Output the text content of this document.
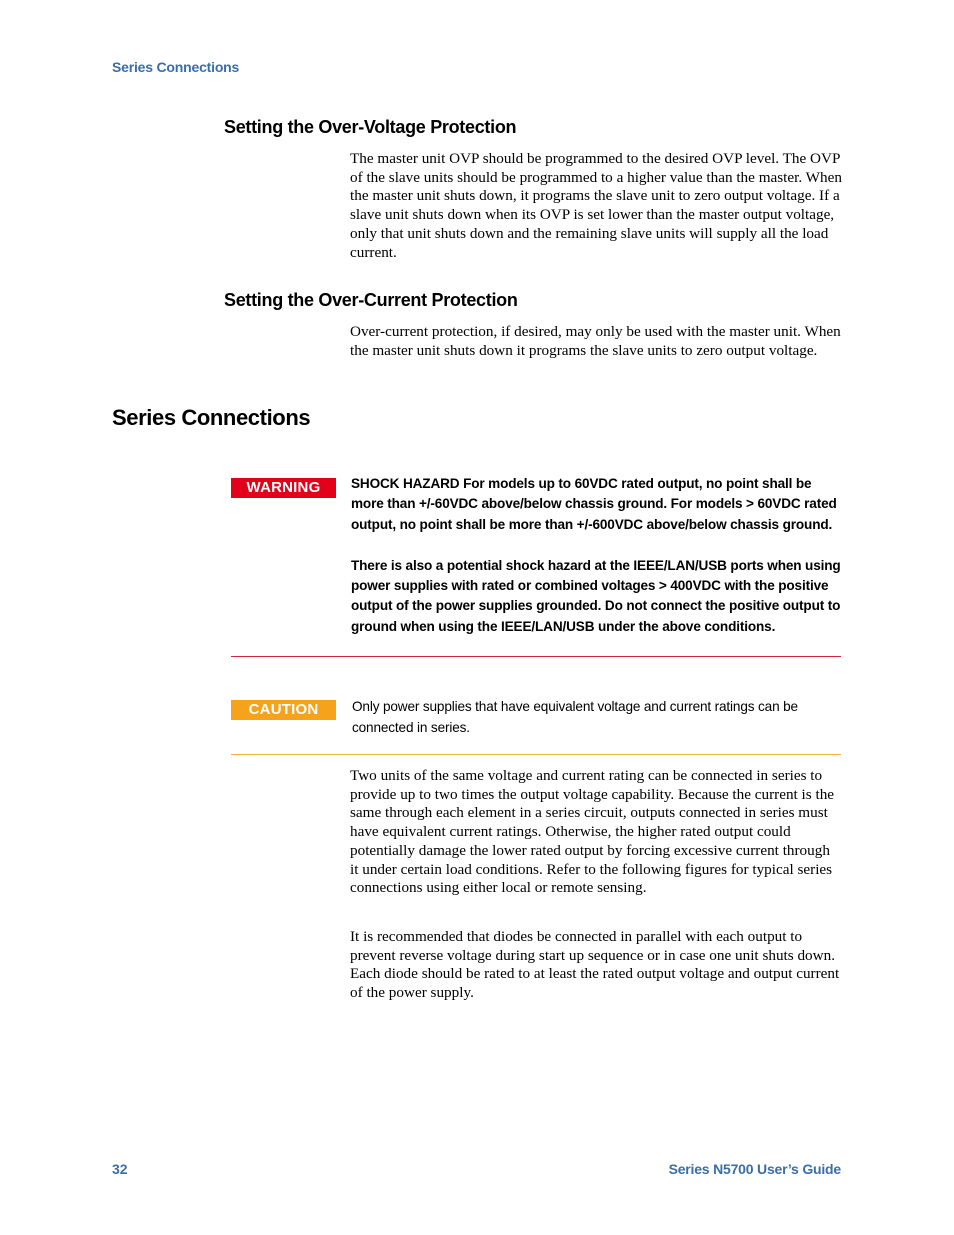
Series Connections
Setting the Over-Voltage Protection

The master unit OVP should be programmed to the desired OVP level. The OVP of the slave units should be programmed to a higher value than the master. When the master unit shuts down, it programs the slave unit to zero output voltage. If a slave unit shuts down when its OVP is set lower than the master output voltage, only that unit shuts down and the remaining slave units will supply all the load current.

Setting the Over-Current Protection

Over-current protection, if desired, may only be used with the master unit. When the master unit shuts down it programs the slave units to zero output voltage.

Series Connections
WARNING	SHOCK HAZARD For models up to 60VDC rated output, no point shall be more than +/-60VDC above/below chassis ground. For models > 60VDC rated output, no point shall be more than +/-600VDC above/below chassis ground.

There is also a potential shock hazard at the IEEE/LAN/USB ports when using power supplies with rated or combined voltages > 400VDC with the positive output of the power supplies grounded. Do not connect the positive output to ground when using the IEEE/LAN/USB under the above conditions.

CAUTION	Only power supplies that have equivalent voltage and current ratings can be connected in series.

Two units of the same voltage and current rating can be connected in series to provide up to two times the output voltage capability. Because the current is the same through each element in a series circuit, outputs connected in series must have equivalent current ratings. Otherwise, the higher rated output could potentially damage the lower rated output by forcing excessive current through it under certain load conditions. Refer to the following figures for typical series connections using either local or remote sensing.

It is recommended that diodes be connected in parallel with each output to prevent reverse voltage during start up sequence or in case one unit shuts down. Each diode should be rated to at least the rated output voltage and output current of the power supply.

32	Series N5700 User’s Guide
